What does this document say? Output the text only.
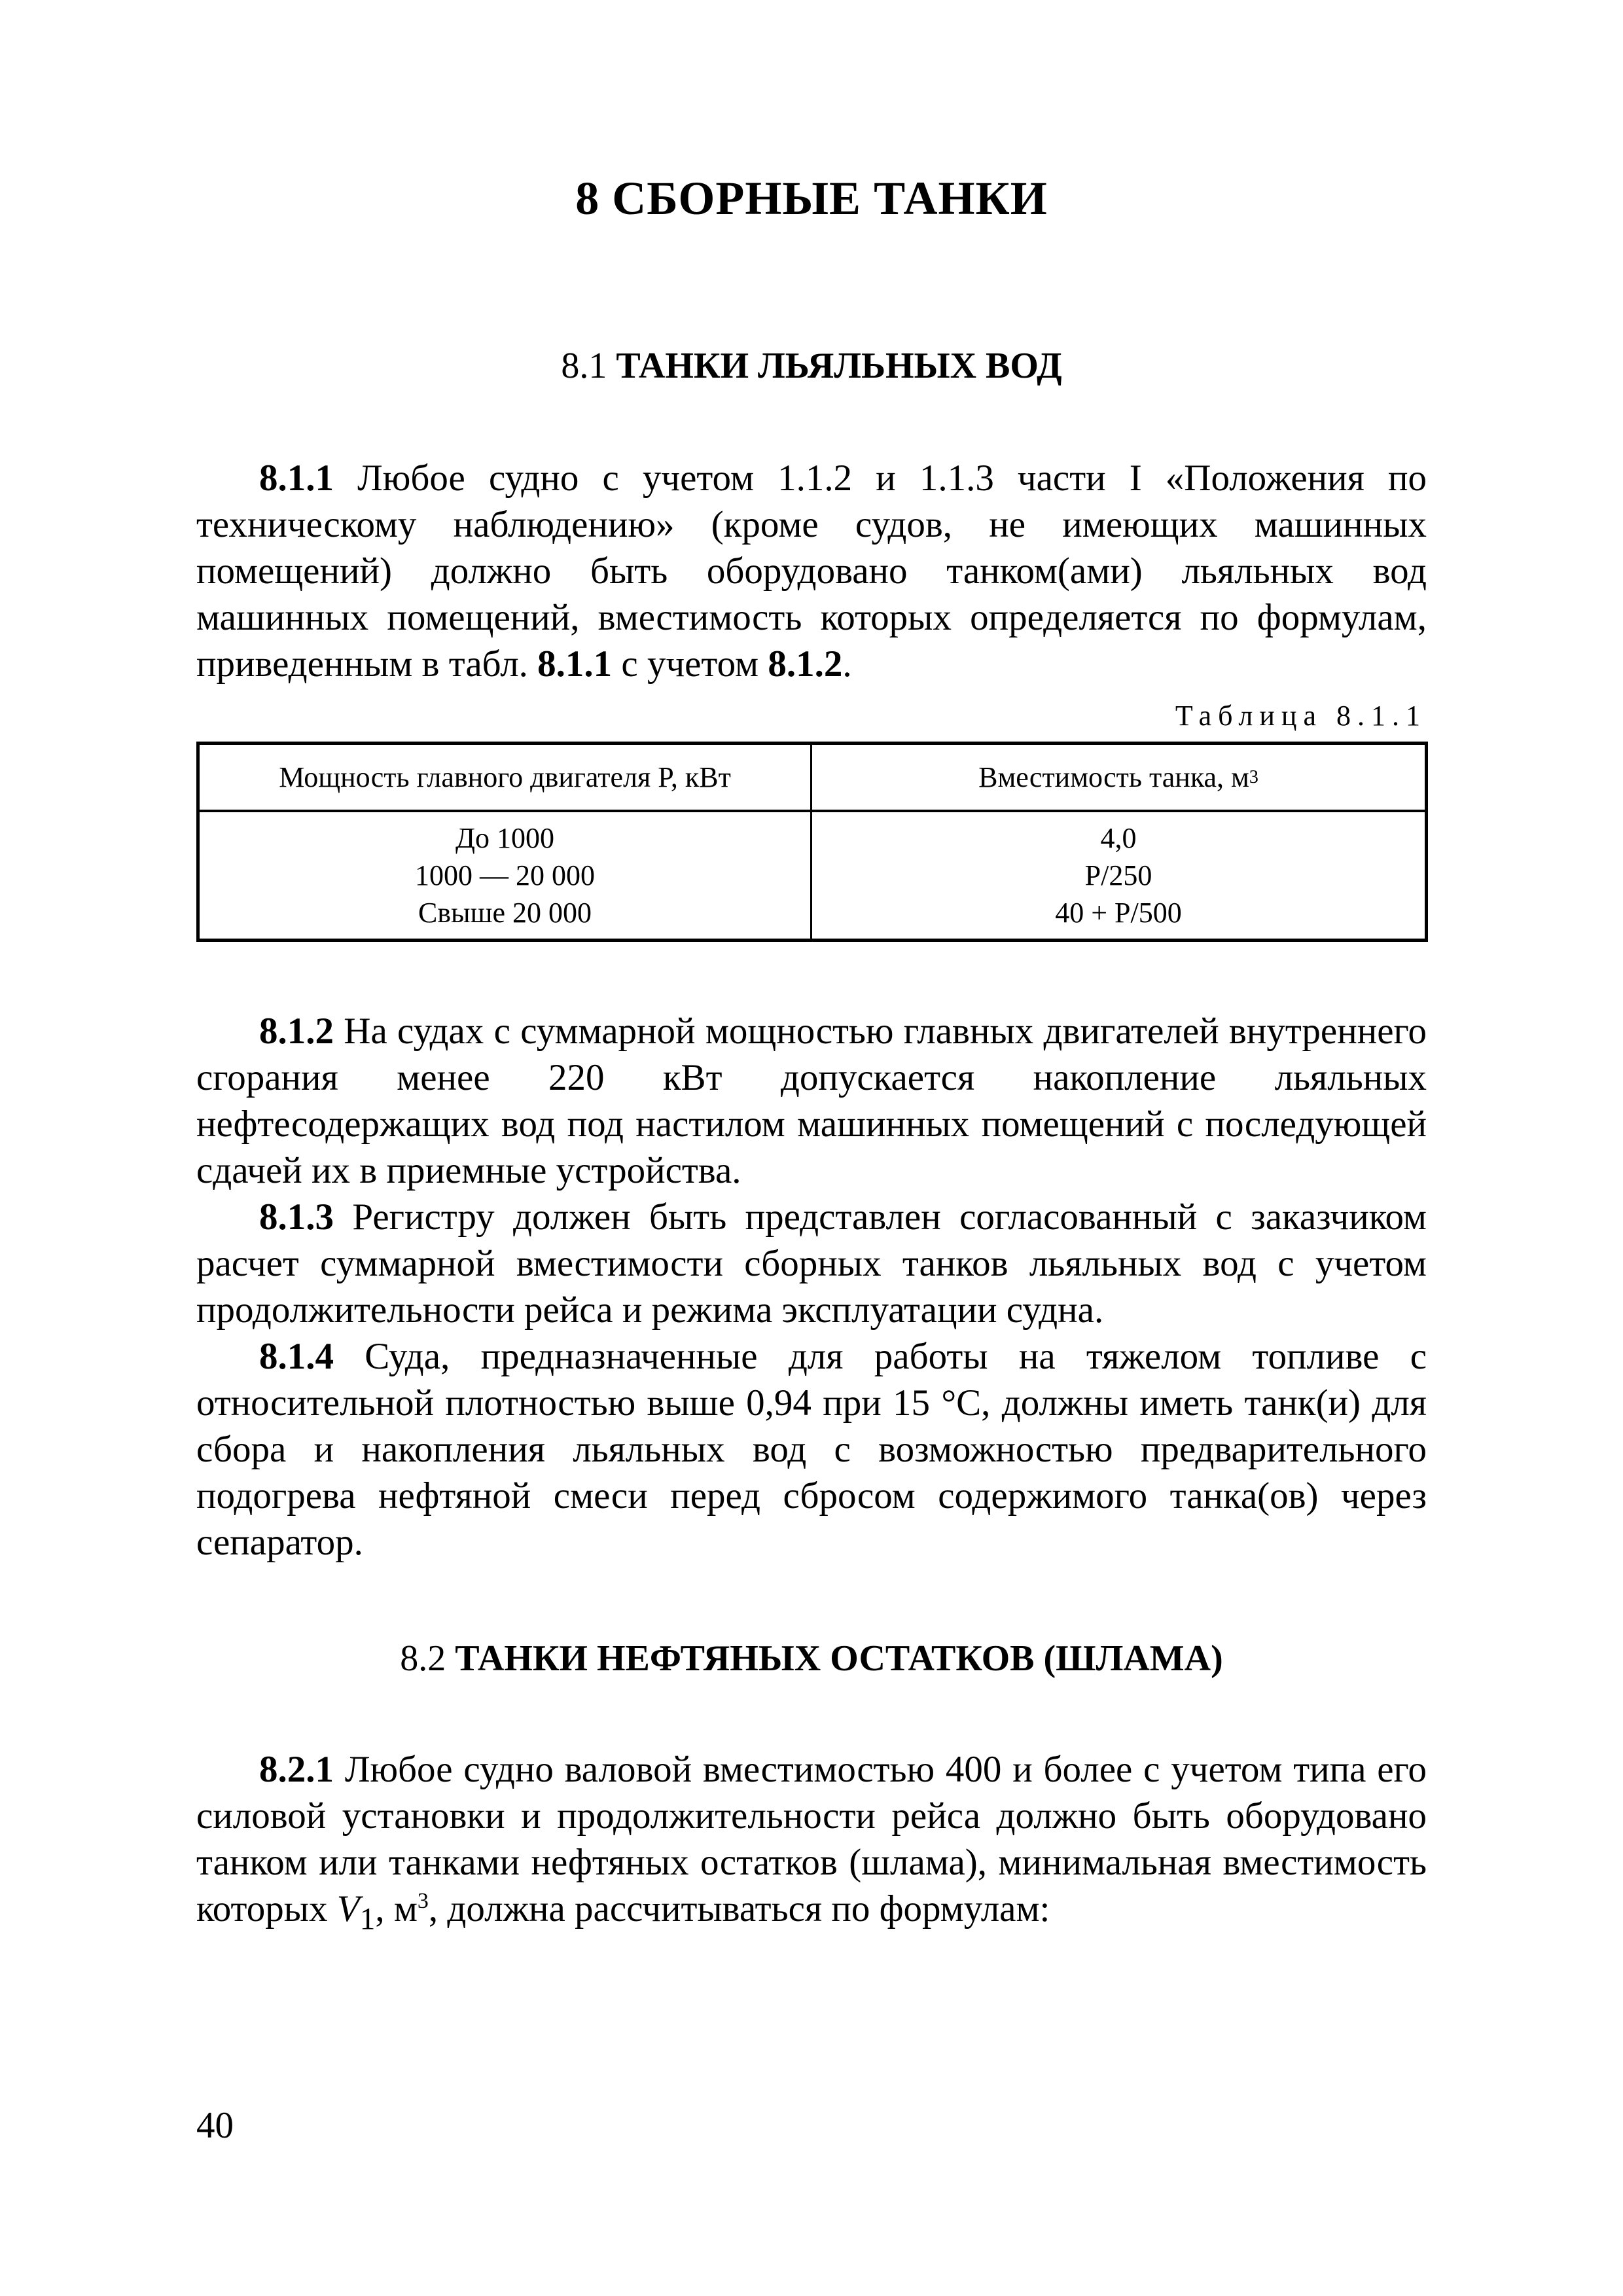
8 СБОРНЫЕ ТАНКИ
8.1 ТАНКИ ЛЬЯЛЬНЫХ ВОД

8.1.1 Любое судно с учетом 1.1.2 и 1.1.3 части I «Положения по техническому наблюдению» (кроме судов, не имеющих машинных помещений) должно быть оборудовано танком(ами) льяльных вод машинных помещений, вместимость которых определяется по формулам, приведенным в табл. 8.1.1 с учетом 8.1.2.

Таблица 8.1.1
Мощность главного двигателя P, кВт	Вместимость танка, м 3
До 1000
1000 — 20 000
Свыше 20 000
4,0
P/250
40 + P/500

8.1.2 На судах с суммарной мощностью главных двигателей внутреннего сгорания менее 220 кВт допускается накопление льяльных нефтесодержащих вод под настилом машинных помещений с последующей сдачей их в приемные устройства.

8.1.3 Регистру должен быть представлен согласованный с заказчиком расчет суммарной вместимости сборных танков льяльных вод с учетом продолжительности рейса и режима эксплуатации судна.

8.1.4 Суда, предназначенные для работы на тяжелом топливе с относительной плотностью выше 0,94 при 15 °C, должны иметь танк(и) для сбора и накопления льяльных вод с возможностью предварительного подогрева нефтяной смеси перед сбросом содержимого танка(ов) через сепаратор.

8.2 ТАНКИ НЕФТЯНЫХ ОСТАТКОВ (ШЛАМА)

8.2.1 Любое судно валовой вместимостью 400 и более с учетом типа его силовой установки и продолжительности рейса должно быть оборудовано танком или танками нефтяных остатков (шлама), минимальная вместимость которых $V_1$, $м^3$, должна рассчитываться по формулам:

40
